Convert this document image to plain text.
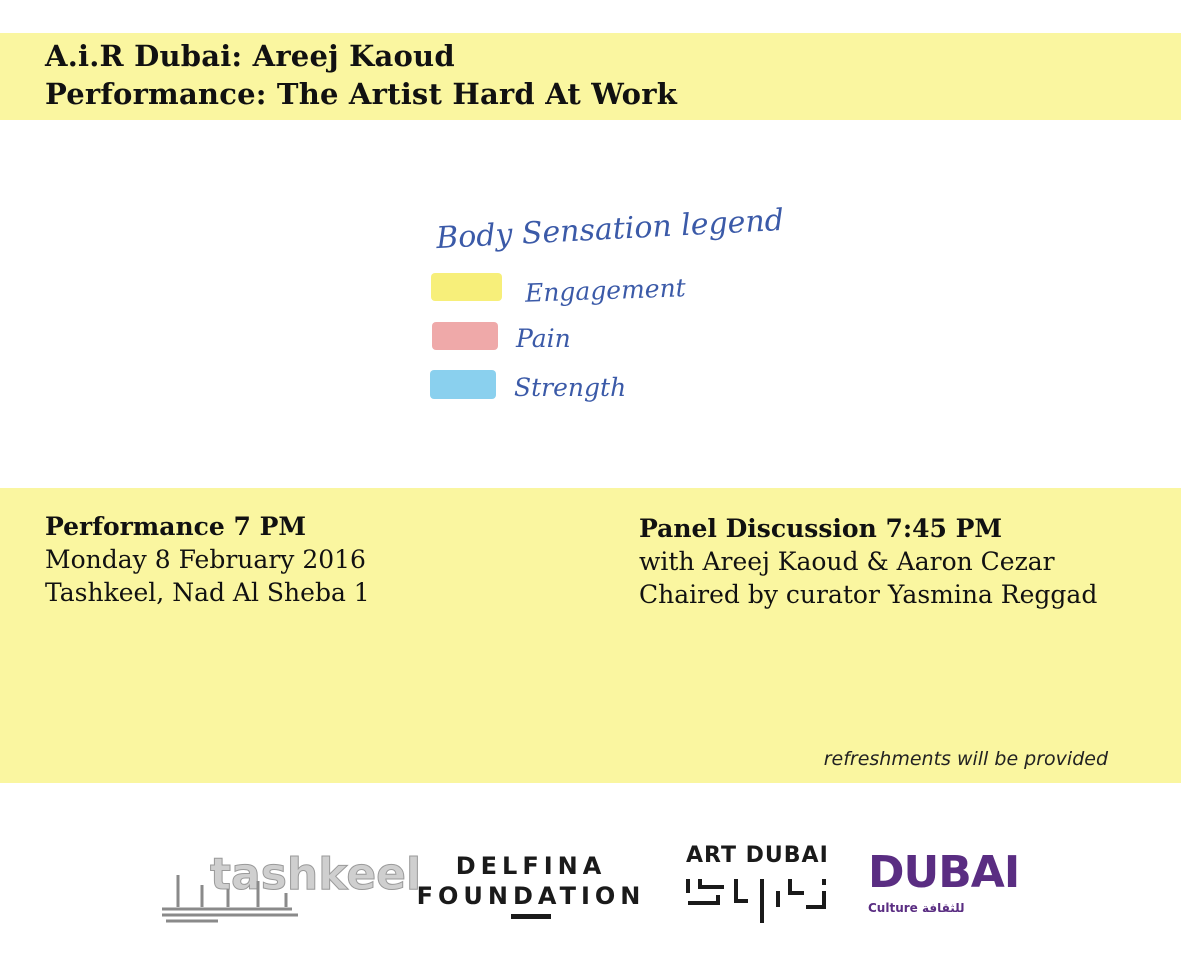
A.i.R Dubai: Areej Kaoud
Performance: The Artist Hard At Work
Body Sensation legend
Engagement
Pain
Strength
Performance 7 PM
Monday 8 February 2016
Tashkeel, Nad Al Sheba 1
Panel Discussion 7:45 PM
with Areej Kaoud & Aaron Cezar
Chaired by curator Yasmina Reggad
refreshments will be provided
tashkeel	DELFINA
FOUNDATION
ART DUBAI DUBAI
Culture للثقافة
